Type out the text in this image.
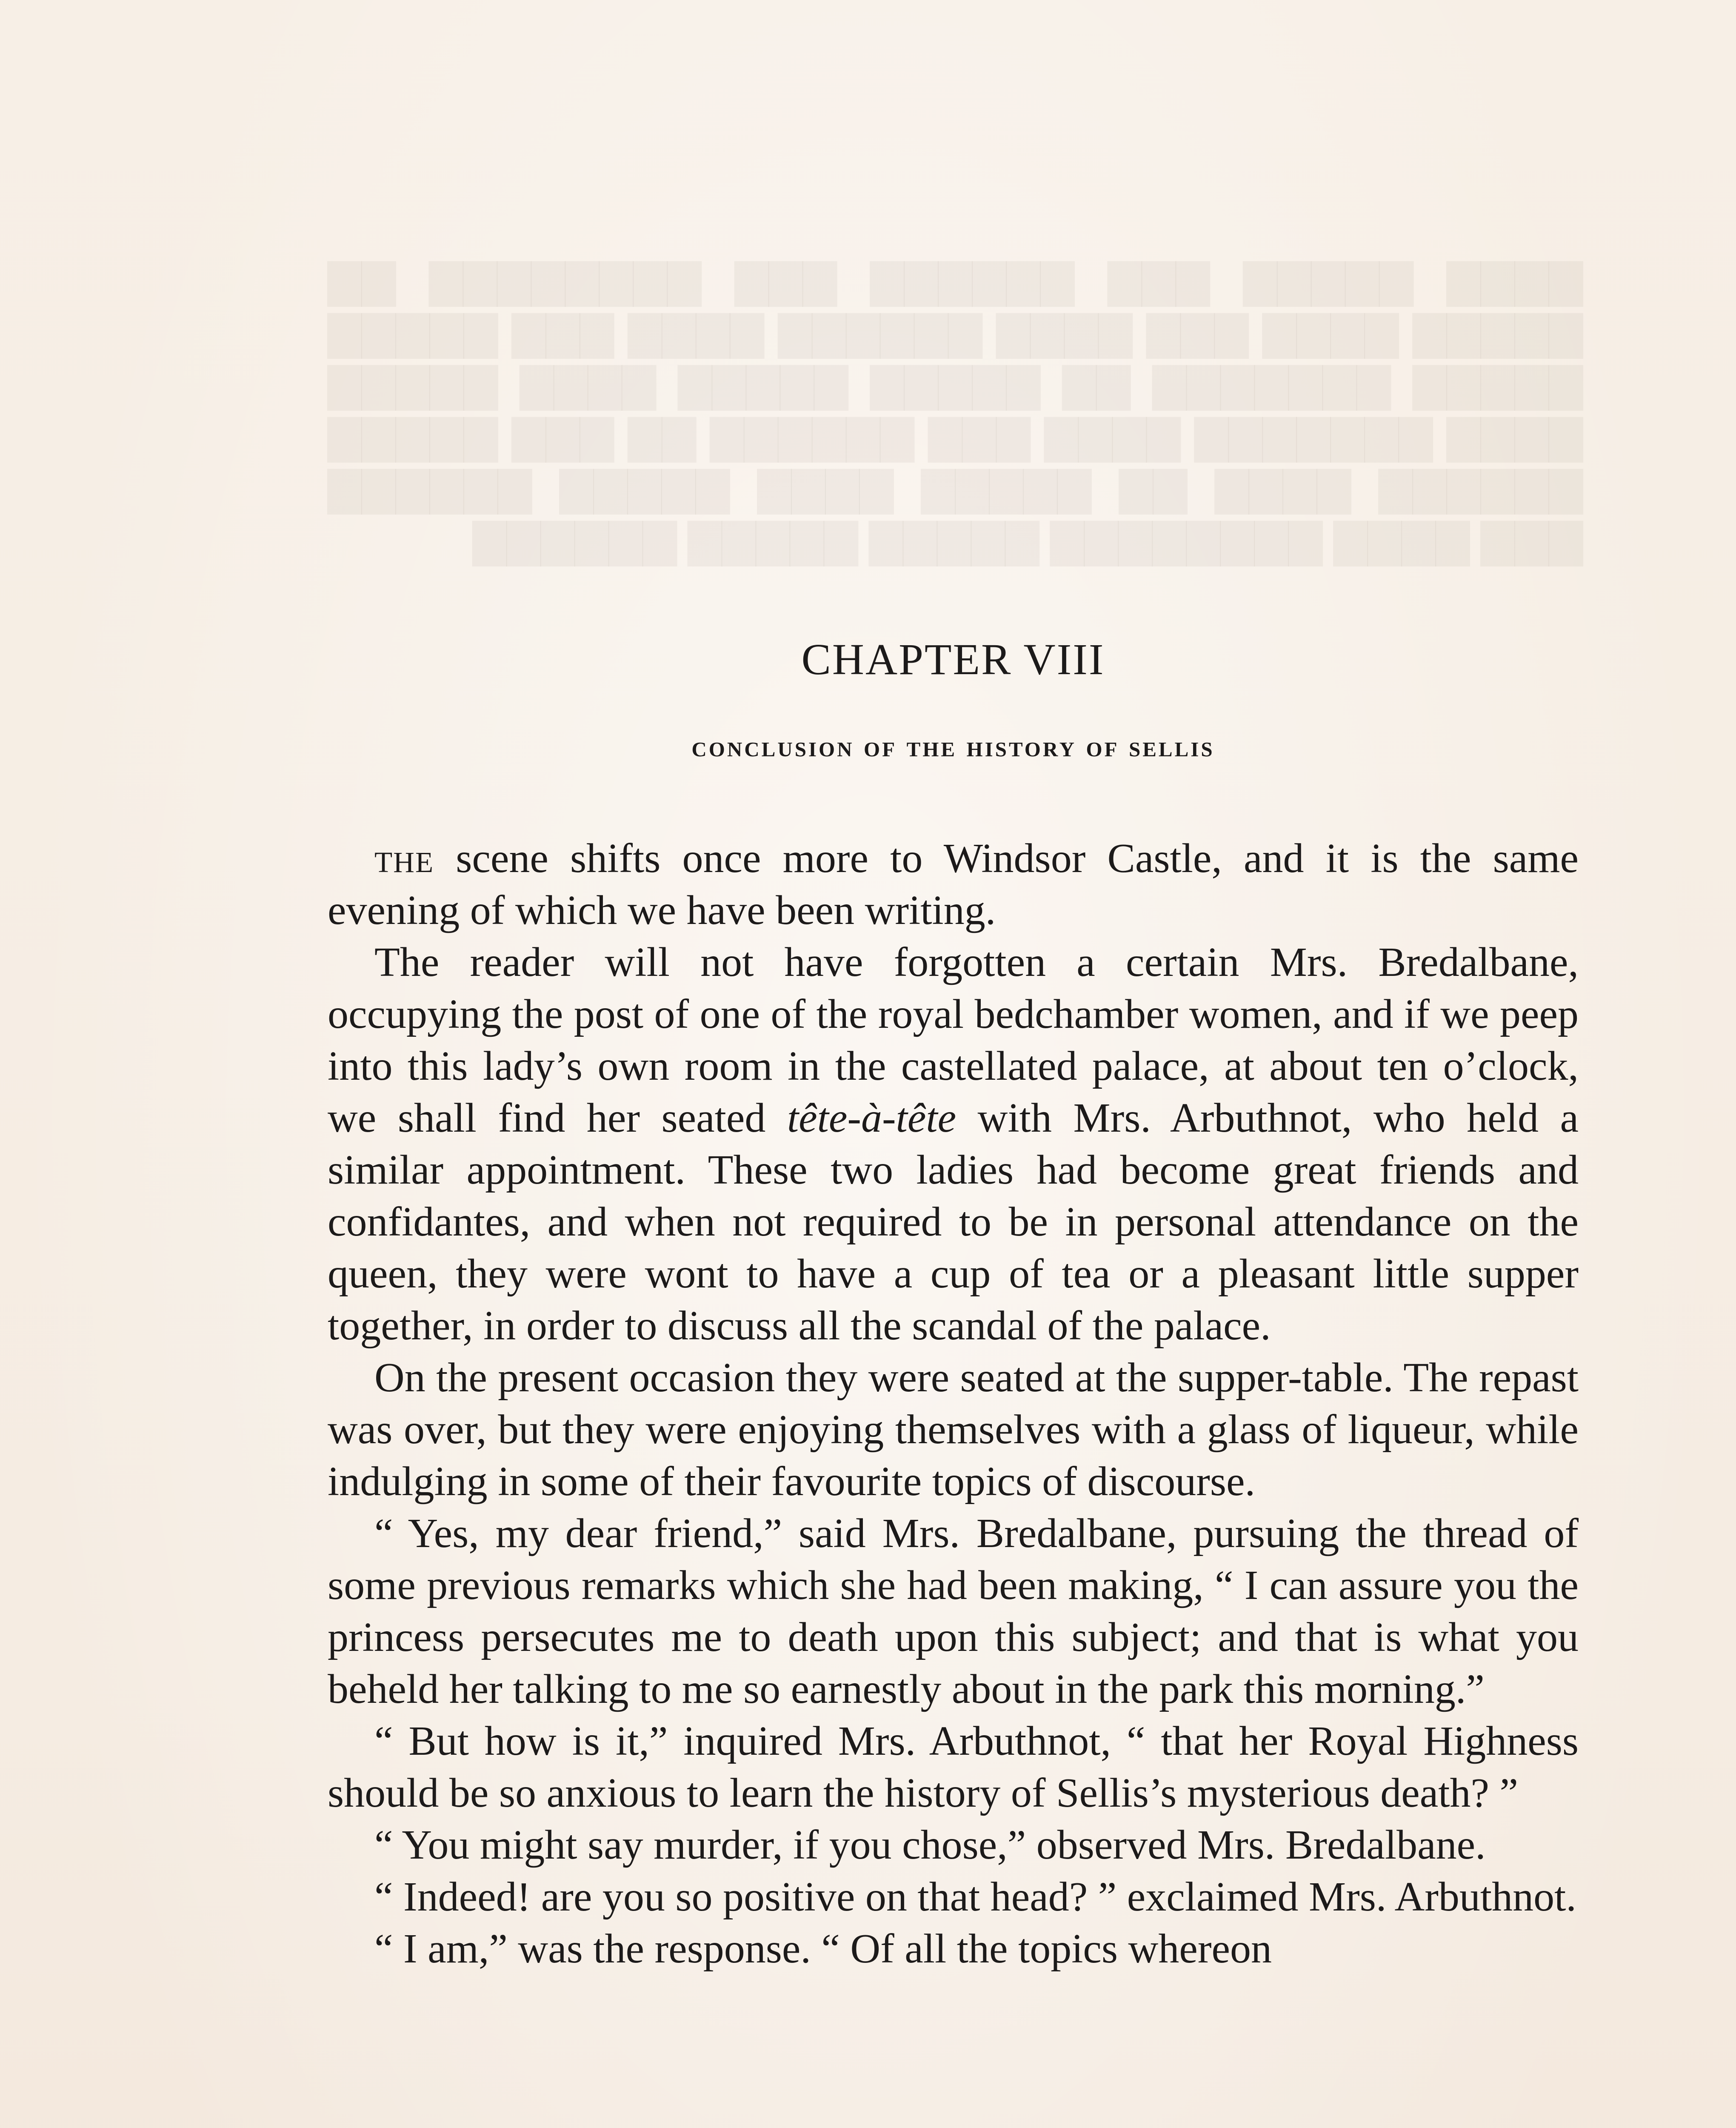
▇▇▇▇ ▇▇▇▇▇ ▇▇▇ ▇▇▇▇▇▇ ▇▇▇ ▇▇▇▇▇▇▇▇ ▇▇ ▇▇▇▇▇ ▇▇▇▇ ▇▇▇ ▇▇▇▇ ▇▇▇▇▇▇ ▇▇▇▇ ▇▇▇ ▇▇▇▇▇ ▇▇▇▇▇ ▇▇▇▇▇▇▇ ▇▇ ▇▇▇▇▇ ▇▇▇▇▇ ▇▇▇▇ ▇▇▇▇▇ ▇▇▇▇ ▇▇▇▇▇▇▇ ▇▇▇▇ ▇▇▇ ▇▇▇▇▇▇ ▇▇ ▇▇▇ ▇▇▇▇▇ ▇▇▇▇▇▇ ▇▇▇▇ ▇▇ ▇▇▇▇▇ ▇▇▇▇ ▇▇▇▇▇ ▇▇▇▇▇▇ ▇▇▇ ▇▇▇▇ ▇▇▇▇▇▇▇▇ ▇▇▇▇▇ ▇▇▇▇▇ ▇▇▇▇▇▇
CHAPTER VIII
conclusion of the history of sellis

the scene shifts once more to Windsor Castle, and it is the same evening of which we have been writing.

The reader will not have forgotten a certain Mrs. Bredalbane, occupying the post of one of the royal bedchamber women, and if we peep into this lady’s own room in the castellated palace, at about ten o’clock, we shall find her seated tête-à-tête with Mrs. Arbuthnot, who held a similar appointment. These two ladies had become great friends and confidantes, and when not required to be in personal attendance on the queen, they were wont to have a cup of tea or a pleasant little supper together, in order to discuss all the scandal of the palace.

On the present occasion they were seated at the supper-table. The repast was over, but they were enjoying themselves with a glass of liqueur, while indulging in some of their favourite topics of discourse.

“ Yes, my dear friend,” said Mrs. Bredalbane, pursuing the thread of some previous remarks which she had been making, “ I can assure you the princess persecutes me to death upon this subject; and that is what you beheld her talking to me so earnestly about in the park this morning.”

“ But how is it,” inquired Mrs. Arbuthnot, “ that her Royal Highness should be so anxious to learn the history of Sellis’s mysterious death? ”

“ You might say murder, if you chose,” observed Mrs. Bredalbane.

“ Indeed! are you so positive on that head? ” exclaimed Mrs. Arbuthnot.

“ I am,” was the response. “ Of all the topics whereon
